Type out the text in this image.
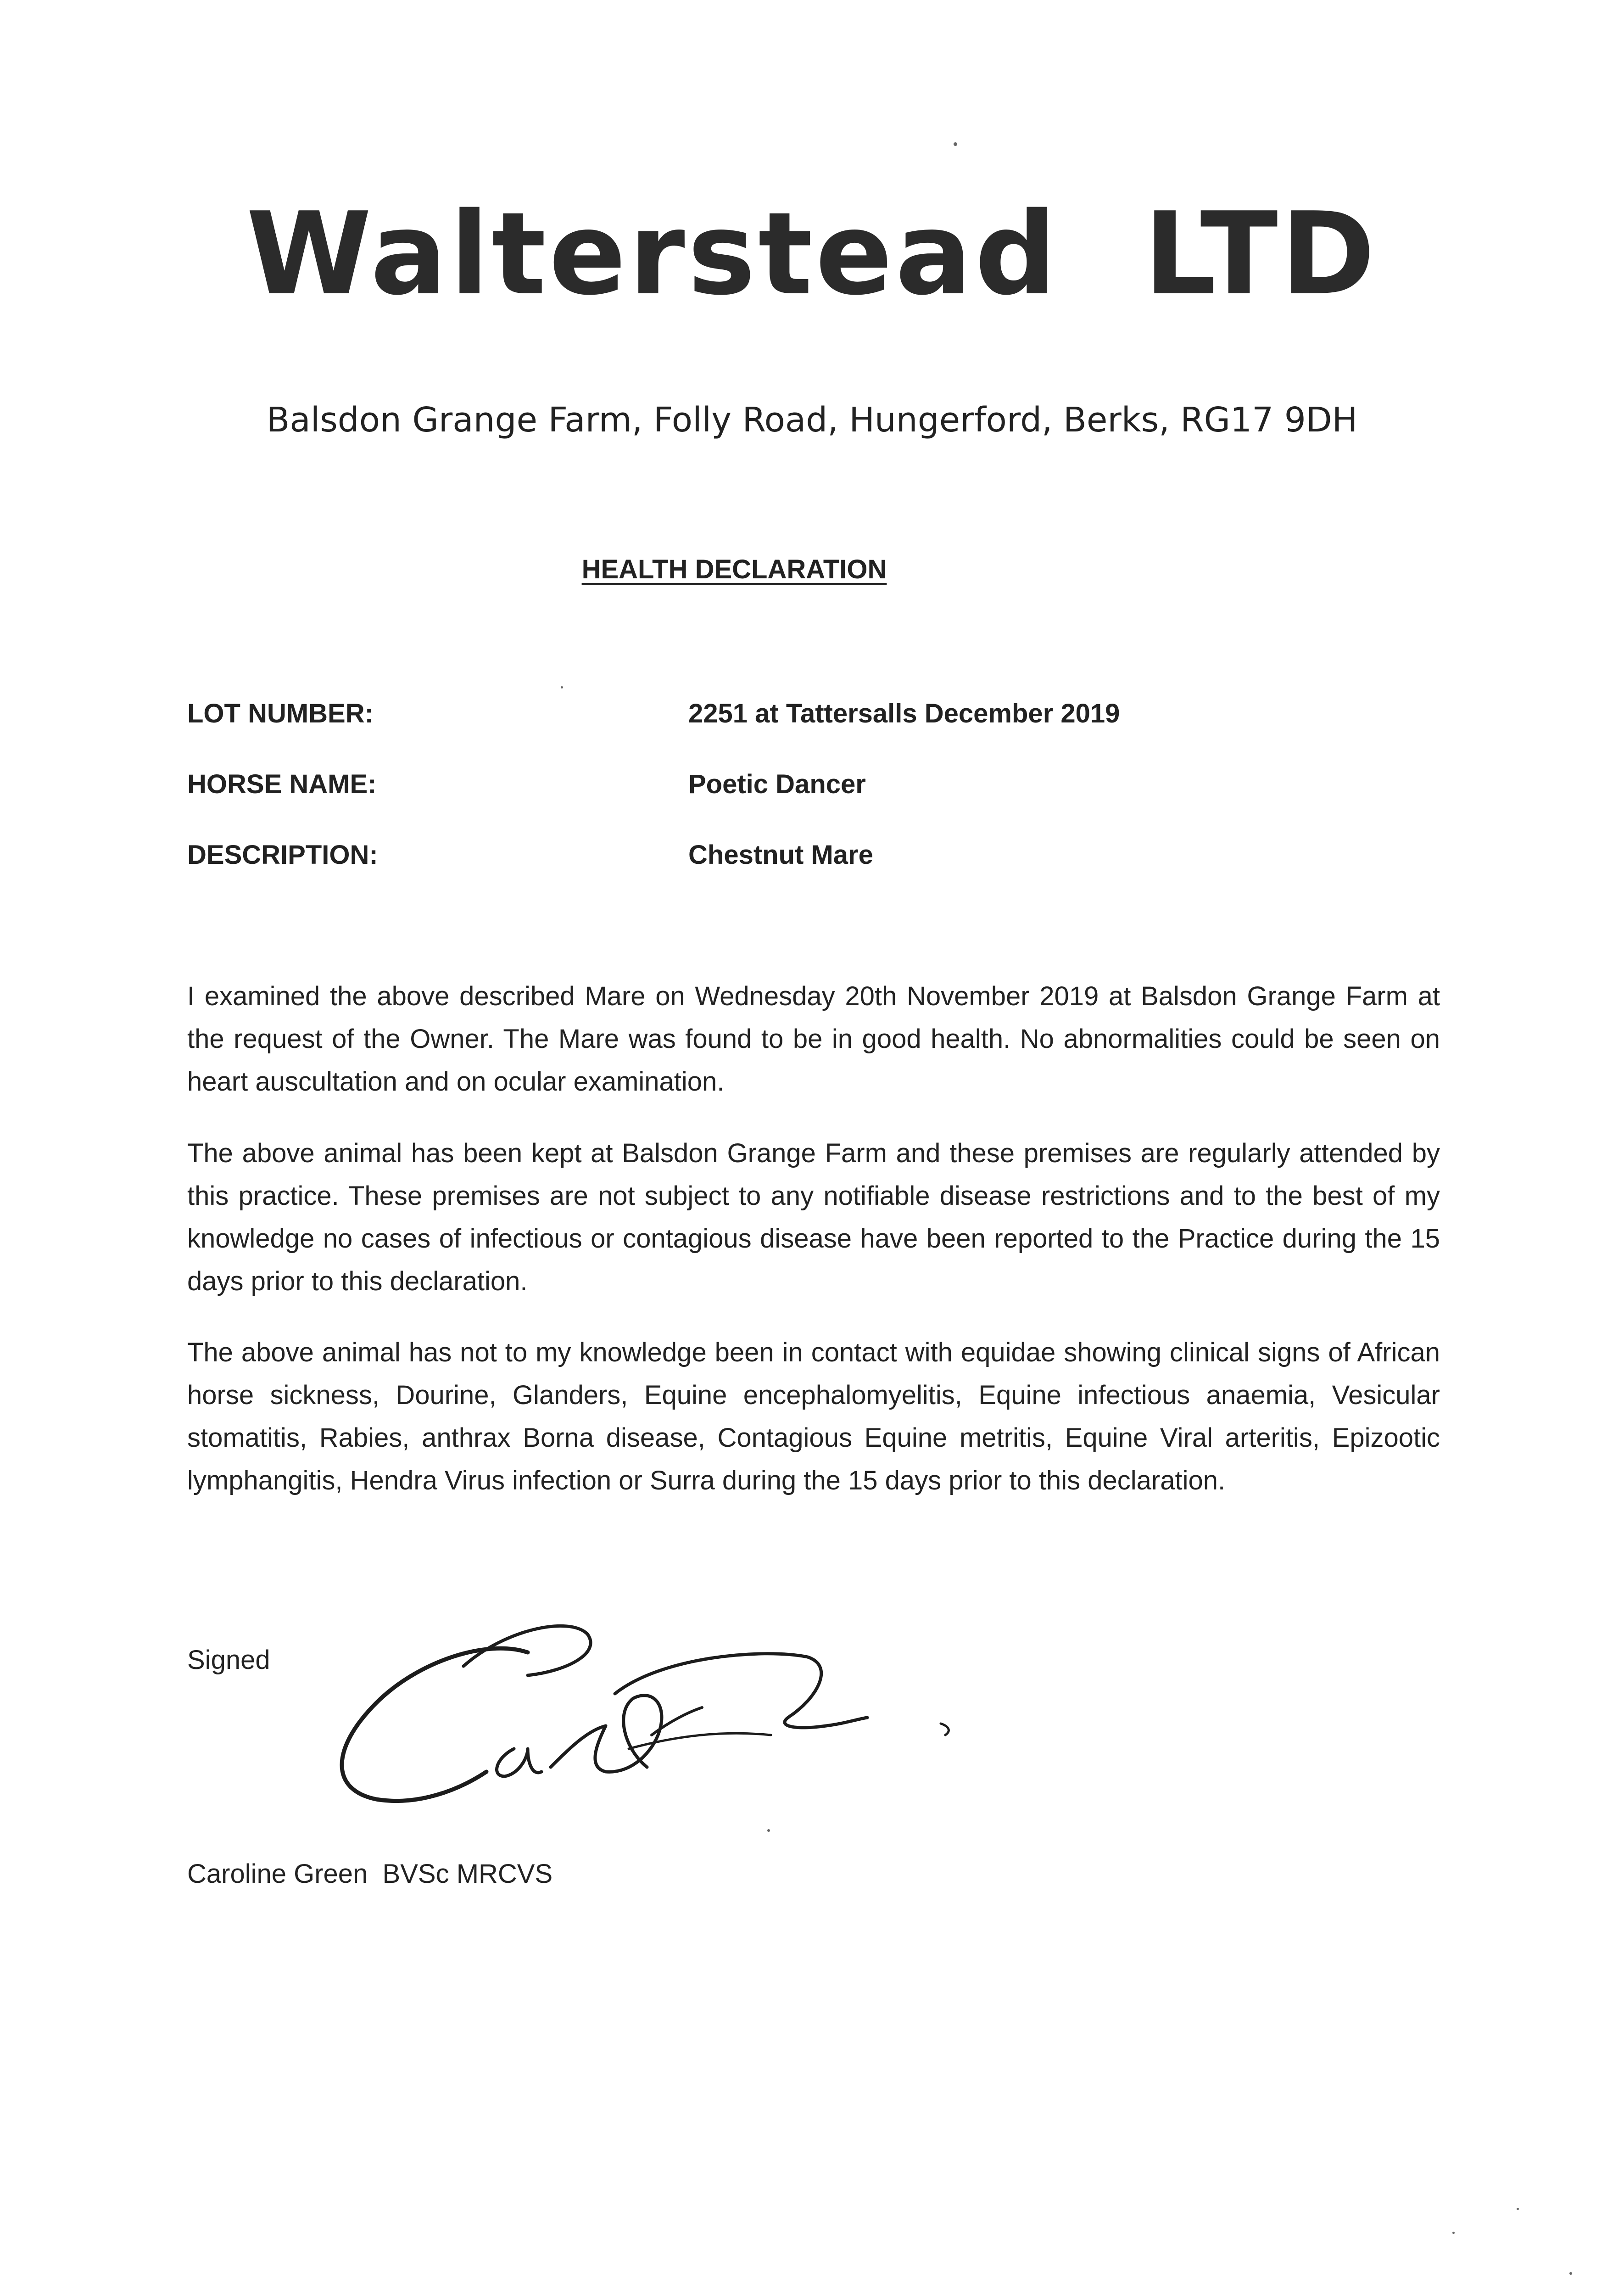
Walterstead  LTD
Balsdon Grange Farm, Folly Road, Hungerford, Berks, RG17 9DH
HEALTH DECLARATION
LOT NUMBER:	2251 at Tattersalls December 2019
HORSE NAME:	Poetic Dancer
DESCRIPTION:	Chestnut Mare
I examined the above described Mare on Wednesday 20th November 2019 at Balsdon Grange Farm at the request of the Owner. The Mare was found to be in good health. No abnormalities could be seen on heart auscultation and on ocular examination.
The above animal has been kept at Balsdon Grange Farm and these premises are regularly attended by this practice. These premises are not subject to any notifiable disease restrictions and to the best of my knowledge no cases of infectious or contagious disease have been reported to the Practice during the 15 days prior to this declaration.
The above animal has not to my knowledge been in contact with equidae showing clinical signs of African horse sickness, Dourine, Glanders, Equine encephalomyelitis, Equine infectious anaemia, Vesicular stomatitis, Rabies, anthrax Borna disease, Contagious Equine metritis, Equine Viral arteritis, Epizootic lymphangitis, Hendra Virus infection or Surra during the 15 days prior to this declaration.
Signed
Caroline Green  BVSc MRCVS
